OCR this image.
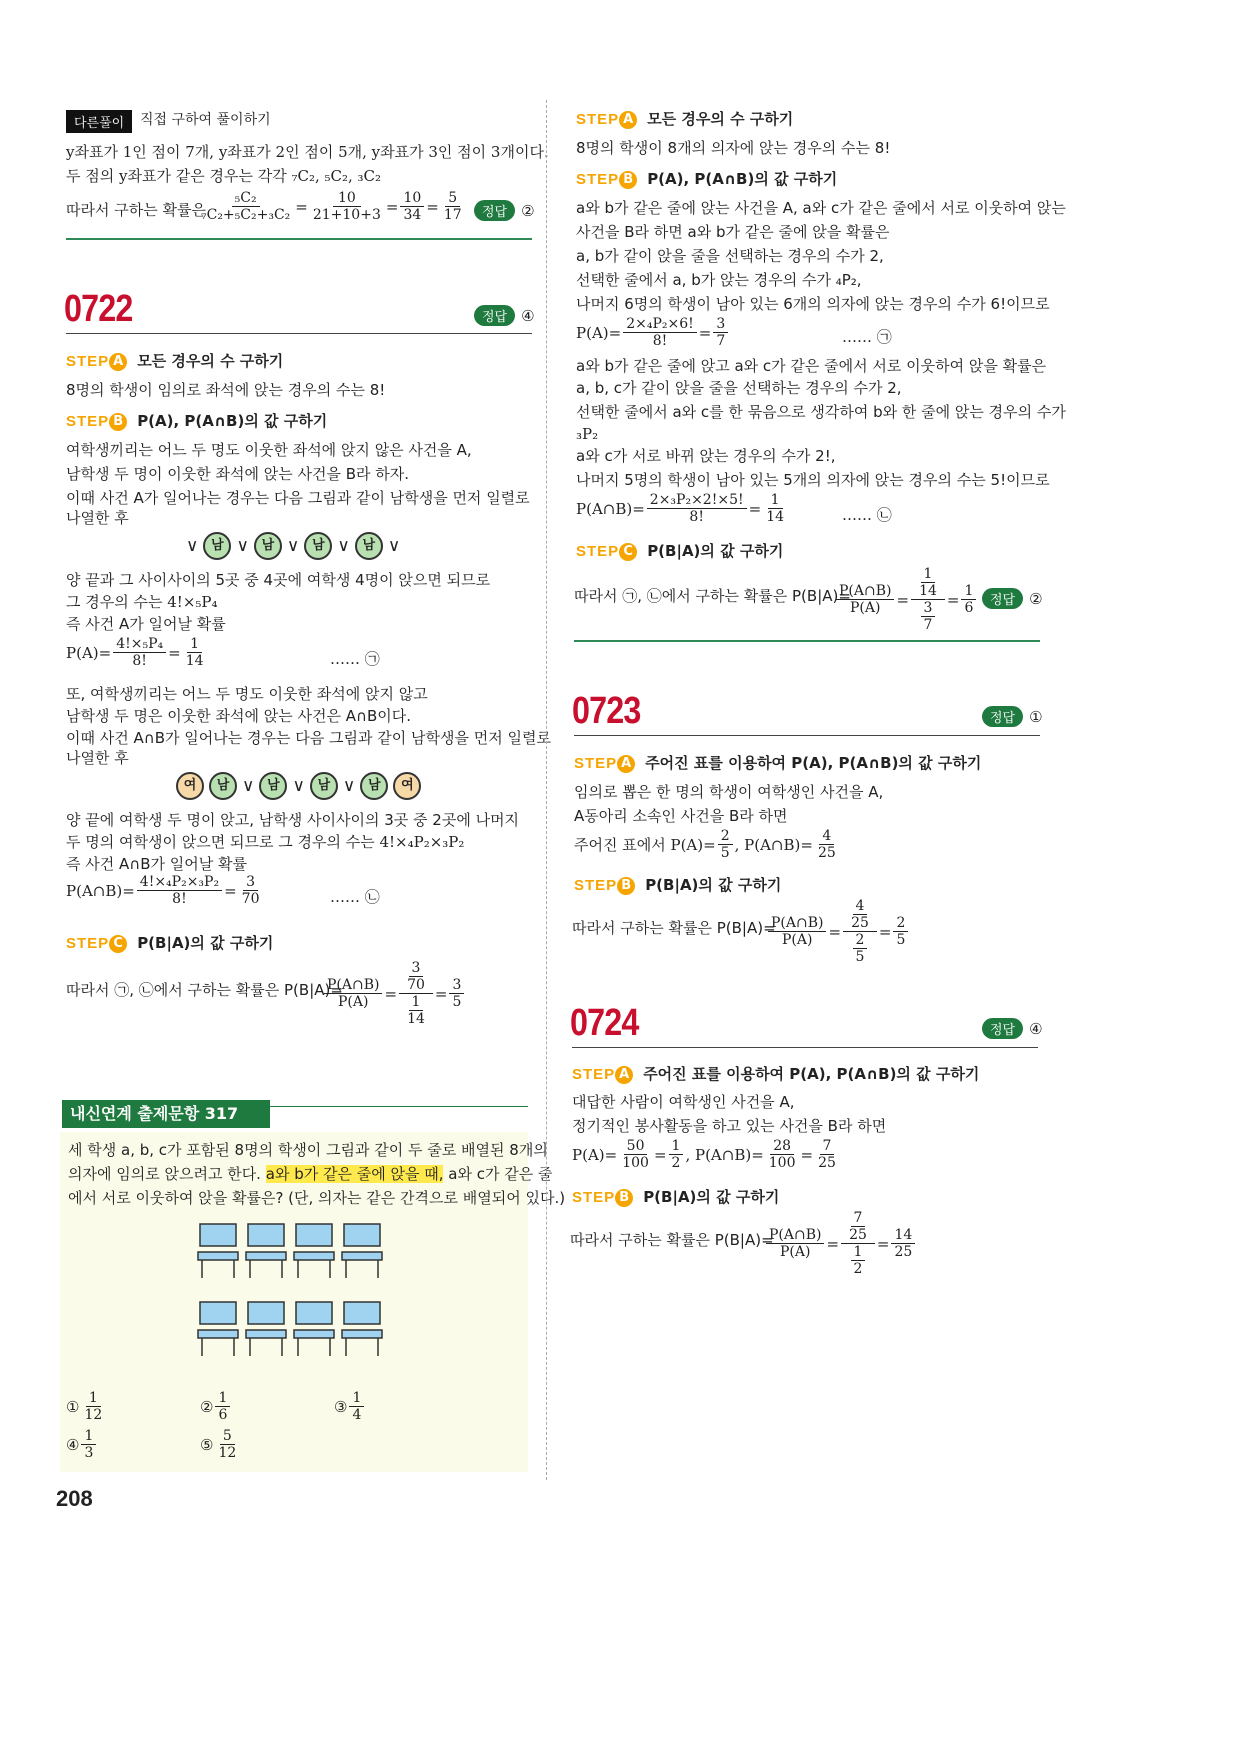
다른풀이	직접 구하여 풀이하기
y좌표가 1인 점이 7개, y좌표가 2인 점이 5개, y좌표가 3인 점이 3개이다.
두 점의 y좌표가 같은 경우는 각각 ₇C₂, ₅C₂, ₃C₂
따라서 구하는 확률은
$\frac{\text{₅C₂}}{\text{₇C₂+₅C₂+₃C₂}} = \frac{10}{21+10+3} = \frac{10}{34} = \frac{5}{17}$	정답 ②
0722	정답 ④
STEP A 모든 경우의 수 구하기
8명의 학생이 임의로 좌석에 앉는 경우의 수는 8!
STEP B P(A), P(A∩B)의 값 구하기
여학생끼리는 어느 두 명도 이웃한 좌석에 앉지 않은 사건을 A,
남학생 두 명이 이웃한 좌석에 앉는 사건을 B라 하자.
이때 사건 A가 일어나는 경우는 다음 그림과 같이 남학생을 먼저 일렬로
나열한 후
∨ 남 ∨ 남 ∨ 남 ∨ 남 ∨
양 끝과 그 사이사이의 5곳 중 4곳에 여학생 4명이 앉으면 되므로
그 경우의 수는 4!×₅P₄
즉 사건 A가 일어날 확률
$P(A)= \frac{\text{4!×₅P₄}}{8!} = \frac{1}{14}$	…… ㉠
또, 여학생끼리는 어느 두 명도 이웃한 좌석에 앉지 않고
남학생 두 명은 이웃한 좌석에 앉는 사건은 A∩B이다.
이때 사건 A∩B가 일어나는 경우는 다음 그림과 같이 남학생을 먼저 일렬로
나열한 후
여	남 ∨ 남 ∨ 남 ∨ 남	여
양 끝에 여학생 두 명이 앉고, 남학생 사이사이의 3곳 중 2곳에 나머지
두 명의 여학생이 앉으면 되므로 그 경우의 수는 4!×₄P₂×₃P₂
즉 사건 A∩B가 일어날 확률
P(A∩B)= $\frac{\text{4!×₄P₂×₃P₂}}{8!} = \frac{3}{70}$	…… ㉡
STEP C P(B|A)의 값 구하기
따라서 ㉠, ㉡에서 구하는 확률은 P(B|A)=
$\frac{P(A\cap B)}{P(A)} = \frac{\frac{3}{70}}{\frac{1}{14}} = \frac{3}{5}$
내신연계 출제문항 317
세 학생 a, b, c가 포함된 8명의 학생이 그림과 같이 두 줄로 배열된 8개의
의자에 임의로 앉으려고 한다. a와 b가 같은 줄에 앉을 때, a와 c가 같은 줄
에서 서로 이웃하여 앉을 확률은? (단, 의자는 같은 간격으로 배열되어 있다.)
① $\frac{1}{12}$	② $\frac{1}{6}$	③ $\frac{1}{4}$
④ $\frac{1}{3}$	⑤ $\frac{5}{12}$
208
STEP A 모든 경우의 수 구하기
8명의 학생이 8개의 의자에 앉는 경우의 수는 8!
STEP B P(A), P(A∩B)의 값 구하기
a와 b가 같은 줄에 앉는 사건을 A, a와 c가 같은 줄에서 서로 이웃하여 앉는
사건을 B라 하면 a와 b가 같은 줄에 앉을 확률은
a, b가 같이 앉을 줄을 선택하는 경우의 수가 2,
선택한 줄에서 a, b가 앉는 경우의 수가 ₄P₂,
나머지 6명의 학생이 남아 있는 6개의 의자에 앉는 경우의 수가 6!이므로
$P(A)= \frac{\text{2×₄P₂×6!}}{8!} = \frac{3}{7}$	…… ㉠
a와 b가 같은 줄에 앉고 a와 c가 같은 줄에서 서로 이웃하여 앉을 확률은
a, b, c가 같이 앉을 줄을 선택하는 경우의 수가 2,
선택한 줄에서 a와 c를 한 묶음으로 생각하여 b와 한 줄에 앉는 경우의 수가
₃P₂
a와 c가 서로 바뀌 앉는 경우의 수가 2!,
나머지 5명의 학생이 남아 있는 5개의 의자에 앉는 경우의 수는 5!이므로
P(A∩B)= $\frac{\text{2×₃P₂×2!×5!}}{8!} = \frac{1}{14}$	…… ㉡
STEP C P(B|A)의 값 구하기
따라서 ㉠, ㉡에서 구하는 확률은 P(B|A)=
$\frac{P(A\cap B)}{P(A)} = \frac{\frac{1}{14}}{\frac{3}{7}} = \frac{1}{6}$	정답 ②
0723	정답 ①
STEP A 주어진 표를 이용하여 P(A), P(A∩B)의 값 구하기
임의로 뽑은 한 명의 학생이 여학생인 사건을 A,
A동아리 소속인 사건을 B라 하면
주어진 표에서 $P(A)= \frac{2}{5}$ , P(A∩B)= $\frac{4}{25}$
STEP B P(B|A)의 값 구하기
따라서 구하는 확률은 P(B|A)=
$\frac{P(A\cap B)}{P(A)} = \frac{\frac{4}{25}}{\frac{2}{5}} = \frac{2}{5}$
0724	정답 ④
STEP A 주어진 표를 이용하여 P(A), P(A∩B)의 값 구하기
대답한 사람이 여학생인 사건을 A,
정기적인 봉사활동을 하고 있는 사건을 B라 하면
$P(A)= \frac{50}{100} = \frac{1}{2}$ , P(A∩B)= $\frac{28}{100} = \frac{7}{25}$
STEP B P(B|A)의 값 구하기
따라서 구하는 확률은 P(B|A)=
$\frac{P(A\cap B)}{P(A)} = \frac{\frac{7}{25}}{\frac{1}{2}} = \frac{14}{25}$
